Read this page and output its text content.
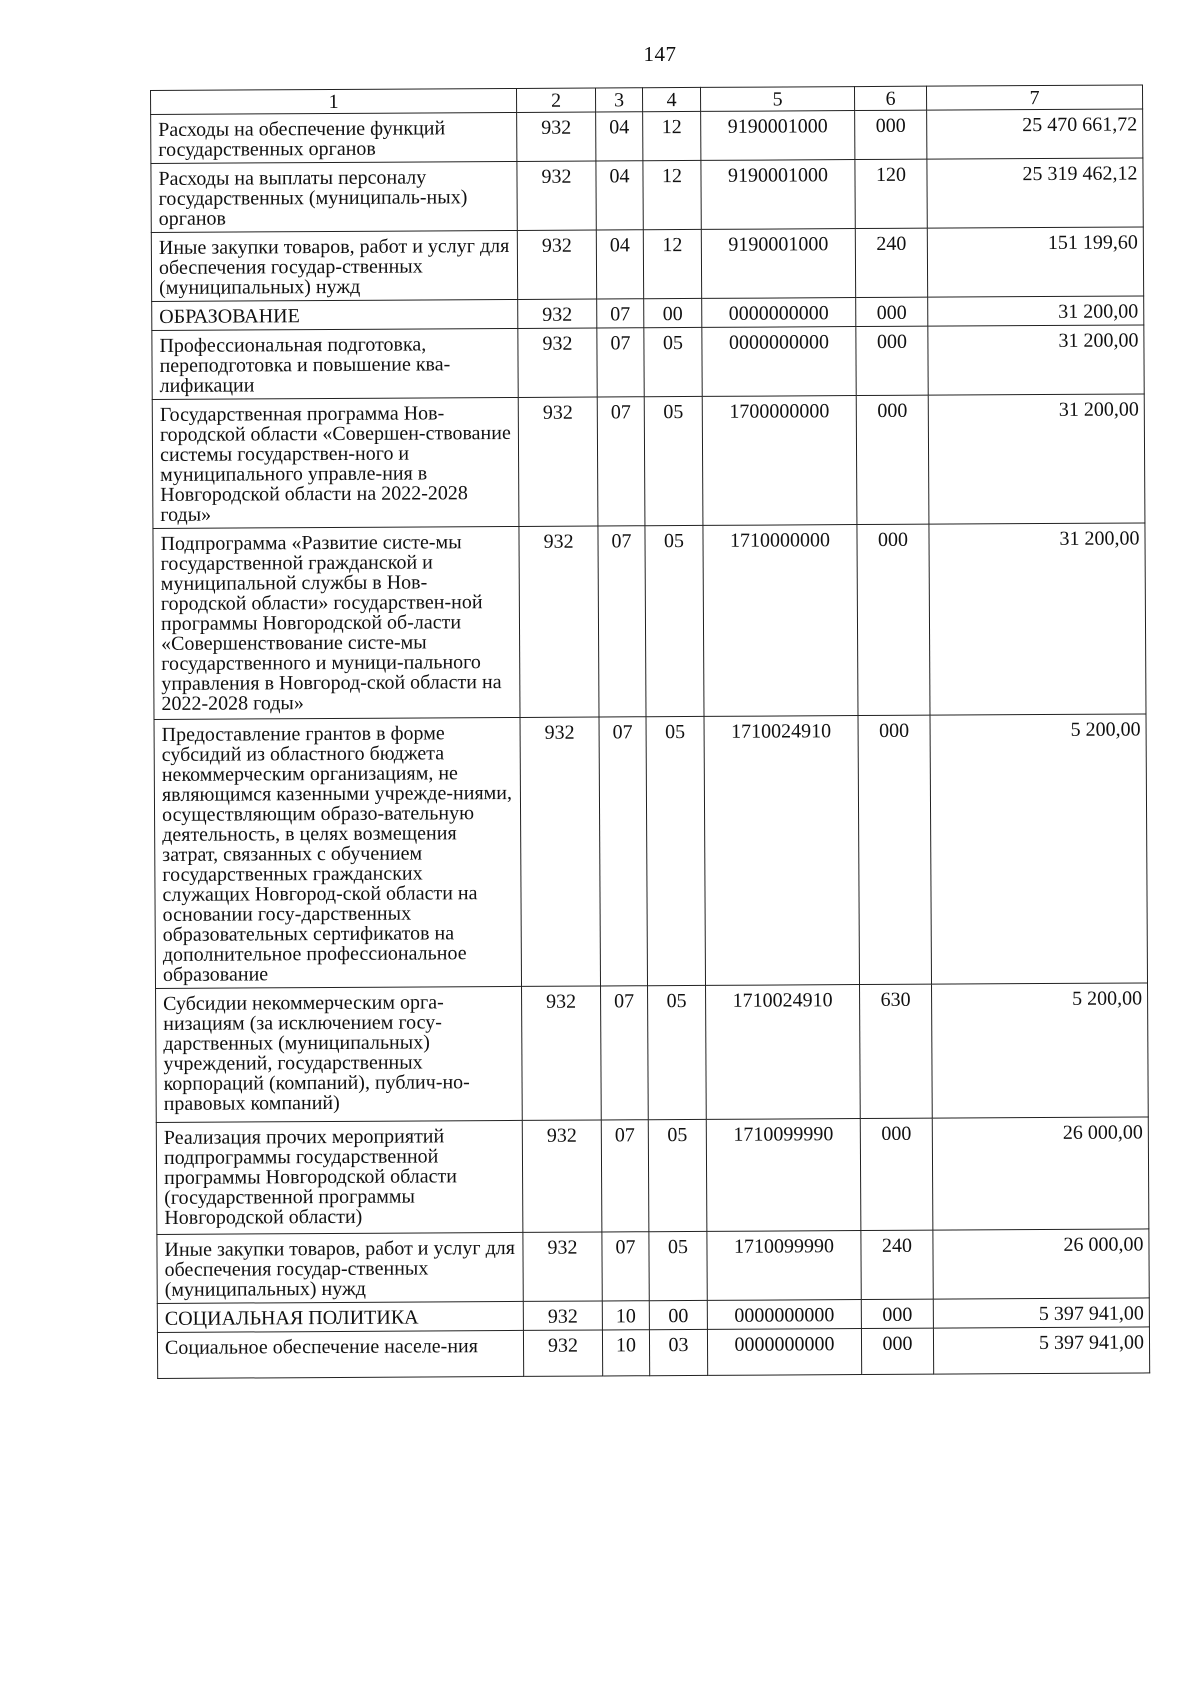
147
1	2	3	4	5	6	7
Расходы на обеспечение функций государственных органов	932	04	12	9190001000	000	25 470 661,72
Расходы на выплаты персоналу государственных (муниципаль-ных) органов	932	04	12	9190001000	120	25 319 462,12
Иные закупки товаров, работ и услуг для обеспечения государ-ственных (муниципальных) нужд	932	04	12	9190001000	240	151 199,60
ОБРАЗОВАНИЕ	932	07	00	0000000000	000	31 200,00
Профессиональная подготовка, переподготовка и повышение ква-лификации	932	07	05	0000000000	000	31 200,00
Государственная программа Нов-городской области «Совершен-ствование системы государствен-ного и муниципального управле-ния в Новгородской области на 2022-2028 годы»	932	07	05	1700000000	000	31 200,00
Подпрограмма «Развитие систе-мы государственной гражданской и муниципальной службы в Нов-городской области» государствен-ной программы Новгородской об-ласти «Совершенствование систе-мы государственного и муници-пального управления в Новгород-ской области на 2022-2028 годы»	932	07	05	1710000000	000	31 200,00
Предоставление грантов в форме субсидий из областного бюджета некоммерческим организациям, не являющимся казенными учрежде-ниями, осуществляющим образо-вательную деятельность, в целях возмещения затрат, связанных с обучением государственных гражданских служащих Новгород-ской области на основании госу-дарственных образовательных сертификатов на дополнительное профессиональное образование	932	07	05	1710024910	000	5 200,00
Субсидии некоммерческим орга-низациям (за исключением госу-дарственных (муниципальных) учреждений, государственных корпораций (компаний), публич-но-правовых компаний)	932	07	05	1710024910	630	5 200,00
Реализация прочих мероприятий подпрограммы государственной программы Новгородской области (государственной программы Новгородской области)	932	07	05	1710099990	000	26 000,00
Иные закупки товаров, работ и услуг для обеспечения государ-ственных (муниципальных) нужд	932	07	05	1710099990	240	26 000,00
СОЦИАЛЬНАЯ ПОЛИТИКА	932	10	00	0000000000	000	5 397 941,00
Социальное обеспечение населе-ния	932	10	03	0000000000	000	5 397 941,00
